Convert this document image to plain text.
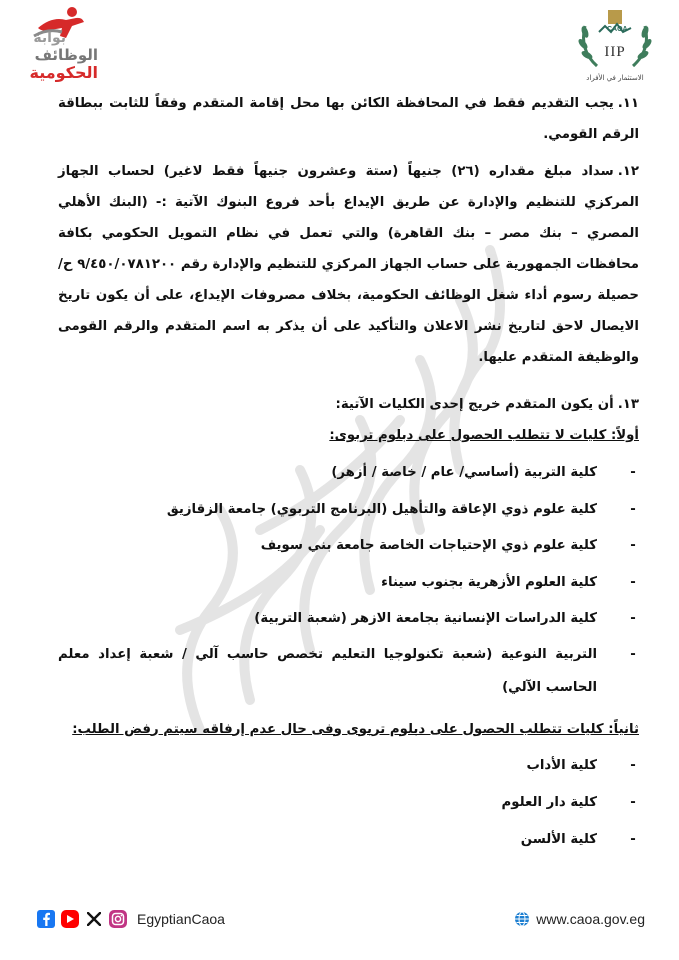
بوابة
الوظائف
الحكومية
CAOA
IIP
الاستثمار في الأفراد

١١.يجب التقديم فقط في المحافظة الكائن بها محل إقامة المتقدم وفقاً للثابت ببطاقة الرقم القومي.

١٢.سداد مبلغ مقداره (٢٦) جنيهاً (ستة وعشرون جنيهاً فقط لاغير) لحساب الجهاز المركزي للتنظيم والإدارة عن طريق الإيداع بأحد فروع البنوك الآتية :- (البنك الأهلي المصري – بنك مصر – بنك القاهرة) والتي تعمل في نظام التمويل الحكومي بكافة محافظات الجمهورية على حساب الجهاز المركزي للتنظيم والإدارة رقم ٩/٤٥٠/٠٧٨١٢٠٠ ح/ حصيلة رسوم أداء شغل الوظائف الحكومية، بخلاف مصروفات الإيداع، على أن يكون تاريخ الايصال لاحق لتاريخ نشر الاعلان والتأكيد على أن يذكر به اسم المتقدم والرقم القومى والوظيفة المتقدم عليها.

١٣.أن يكون المتقدم خريج إحدى الكليات الآتية:

أولاً: كليات لا تتطلب الحصول على دبلوم تربوى:

-
كلية التربية (أساسي/ عام / خاصة / أزهر)
-
كلية علوم ذوي الإعاقة والتأهيل (البرنامج التربوي) جامعة الزقازيق
-
كلية علوم ذوي الإحتياجات الخاصة جامعة بني سويف
-
كلية العلوم الأزهرية بجنوب سيناء
-
كلية الدراسات الإنسانية بجامعة الازهر (شعبة التربية)
-
التربية النوعية (شعبة تكنولوجيا التعليم تخصص حاسب آلي / شعبة إعداد معلم الحاسب الآلي)

ثانياً: كليات تتطلب الحصول على دبلوم تربوى وفى حال عدم إرفاقه سيتم رفض الطلب:

-
كلية الأداب
-
كلية دار العلوم
-
كلية الألسن
EgyptianCaoa	www.caoa.gov.eg
